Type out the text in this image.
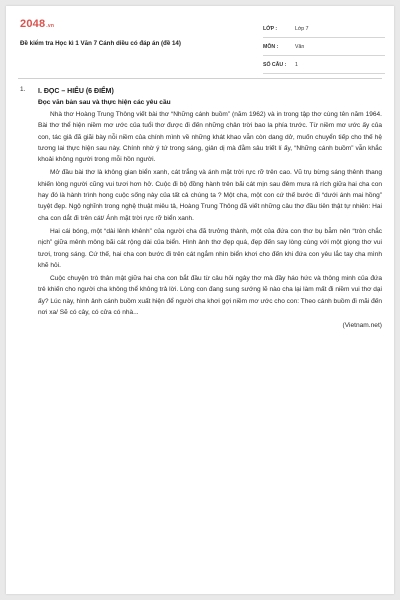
2048.vn
Đề kiểm tra Học kì 1 Văn 7 Cánh diều có đáp án (đề 14)
LỚP :	Lớp 7
MÔN :	Văn
SỐ CÂU : 1
1. I. ĐỌC – HIỂU (6 ĐIỂM)
Đọc văn bản sau và thực hiện các yêu cầu

Nhà thơ Hoàng Trung Thông viết bài thơ “Những cánh buồm” (năm 1962) và in trong tập thơ cùng tên năm 1964. Bài thơ thể hiện niềm mơ ước của tuổi thơ được đi đến những chân trời bao la phía trước. Từ niềm mơ ước ấy của con, tác giả đã giãi bày nỗi niềm của chính mình về những khát khao vẫn còn dang dở, muốn chuyển tiếp cho thế hệ tương lai thực hiện sau này. Chính nhờ ý tứ trong sáng, giản dị mà đằm sâu triết lí ấy, “Những cánh buồm” vẫn khắc khoải không người trong mỗi hồn người.

Mở đầu bài thơ là không gian biển xanh, cát trắng và ánh mặt trời rực rỡ trên cao. Vũ trụ bừng sáng thênh thang khiến lòng người cũng vui tươi hơn hở. Cuộc đi bộ đồng hành trên bãi cát mịn sau đêm mưa rả rích giữa hai cha con hay đó là hành trình hong cuộc sống này của tất cả chúng ta ? Một cha, một con cứ thế bước đi “dưới ánh mai hồng” tuyệt đẹp. Ngộ nghĩnh trong nghệ thuật miêu tả, Hoàng Trung Thông đã viết những câu thơ đầu tiên thật tự nhiên: Hai cha con dắt đi trên cát/ Ánh mặt trời rực rỡ biển xanh.

Hai cái bóng, một “dài lênh khênh” của người cha đã trưởng thành, một của đứa con thơ bụ bẫm nên “tròn chắc nịch” giữa mênh mông bãi cát rộng dài của biển. Hình ảnh thơ đẹp quá, đẹp đến say lòng cùng với một giọng thơ vui tươi, trong sáng. Cứ thế, hai cha con bước đi trên cát ngắm nhìn biển khơi cho đến khi đứa con yêu lắc tay cha mình khẽ hỏi.

Cuộc chuyện trò thân mật giữa hai cha con bắt đầu từ câu hỏi ngây thơ mà đầy háo hức và thông minh của đứa trẻ khiến cho người cha không thể không trả lời. Lòng con đang sung sướng lẽ nào cha lại làm mất đi niềm vui thơ dại ấy? Lúc này, hình ảnh cánh buồm xuất hiện để người cha khơi gợi niềm mơ ước cho con: Theo cánh buồm đi mãi đến nơi xa/ Sẽ có cây, có cửa có nhà...

(Vietnam.net)
